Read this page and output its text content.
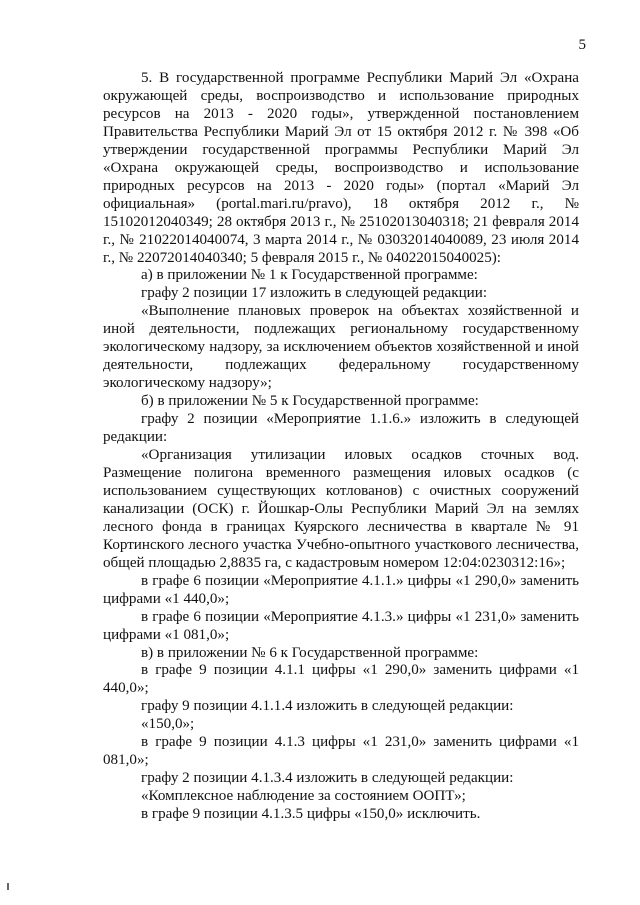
5

5. В государственной программе Республики Марий Эл «Охрана окружающей среды, воспроизводство и использование природных ресурсов на 2013 - 2020 годы», утвержденной постановлением Правительства Республики Марий Эл от 15 октября 2012 г. № 398 «Об утверждении государственной программы Республики Марий Эл «Охрана окружающей среды, воспроизводство и использование природных ресурсов на 2013 - 2020 годы» (портал «Марий Эл официальная» (portal.mari.ru/pravo), 18 октября 2012 г., № 15102012040349; 28 октября 2013 г., № 25102013040318; 21 февраля 2014 г., № 21022014040074, 3 марта 2014 г., № 03032014040089, 23 июля 2014 г., № 22072014040340; 5 февраля 2015 г., № 04022015040025):

а) в приложении № 1 к Государственной программе:

графу 2 позиции 17 изложить в следующей редакции:

«Выполнение плановых проверок на объектах хозяйственной и иной деятельности, подлежащих региональному государственному экологическому надзору, за исключением объектов хозяйственной и иной деятельности, подлежащих федеральному государственному экологическому надзору»;

б) в приложении № 5 к Государственной программе:

графу 2 позиции «Мероприятие 1.1.6.» изложить в следующей редакции:

«Организация утилизации иловых осадков сточных вод. Размещение полигона временного размещения иловых осадков (с использованием существующих котлованов) с очистных сооружений канализации (ОСК) г. Йошкар-Олы Республики Марий Эл на землях лесного фонда в границах Куярского лесничества в квартале № 91 Кортинского лесного участка Учебно-опытного участкового лесничества, общей площадью 2,8835 га, с кадастровым номером 12:04:0230312:16»;

в графе 6 позиции «Мероприятие 4.1.1.» цифры «1 290,0» заменить цифрами «1 440,0»;

в графе 6 позиции «Мероприятие 4.1.3.» цифры «1 231,0» заменить цифрами «1 081,0»;

в) в приложении № 6 к Государственной программе:

в графе 9 позиции 4.1.1 цифры «1 290,0» заменить цифрами «1 440,0»;

графу 9 позиции 4.1.1.4 изложить в следующей редакции:

«150,0»;

в графе 9 позиции 4.1.3 цифры «1 231,0» заменить цифрами «1 081,0»;

графу 2 позиции 4.1.3.4 изложить в следующей редакции:

«Комплексное наблюдение за состоянием ООПТ»;

в графе 9 позиции 4.1.3.5 цифры «150,0» исключить.
